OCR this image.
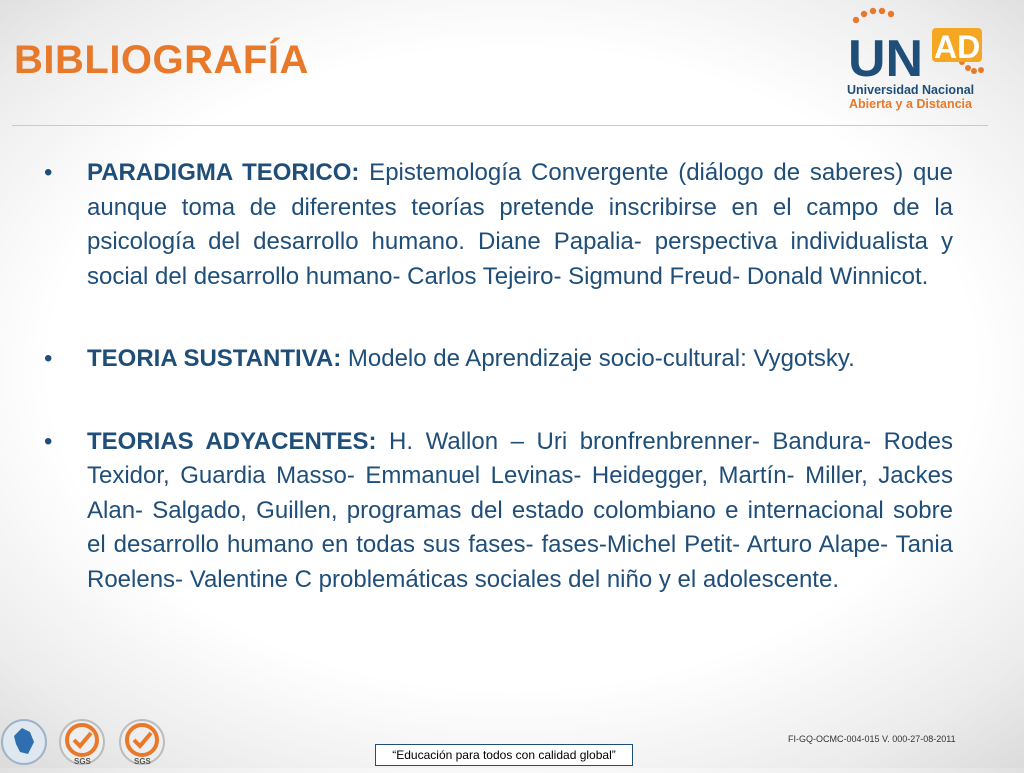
BIBLIOGRAFÍA	UN AD
Universidad Nacional
Abierta y a Distancia
• PARADIGMA TEORICO: Epistemología Convergente (diálogo de saberes) que aunque toma de diferentes teorías pretende inscribirse en el campo de la psicología del desarrollo humano. Diane Papalia- perspectiva individualista y social del desarrollo humano- Carlos Tejeiro- Sigmund Freud- Donald Winnicot.
• TEORIA SUSTANTIVA: Modelo de Aprendizaje socio-cultural: Vygotsky.
• TEORIAS ADYACENTES: H. Wallon – Uri bronfrenbrenner- Bandura- Rodes Texidor, Guardia Masso- Emmanuel Levinas- Heidegger, Martín- Miller, Jackes Alan- Salgado, Guillen, programas del estado colombiano e internacional sobre el desarrollo humano en todas sus fases- fases-Michel Petit- Arturo Alape- Tania Roelens- Valentine C problemáticas sociales del niño y el adolescente.
SGS	SGS
FI-GQ-OCMC-004-015 V. 000-27-08-2011
“Educación para todos con calidad global”
